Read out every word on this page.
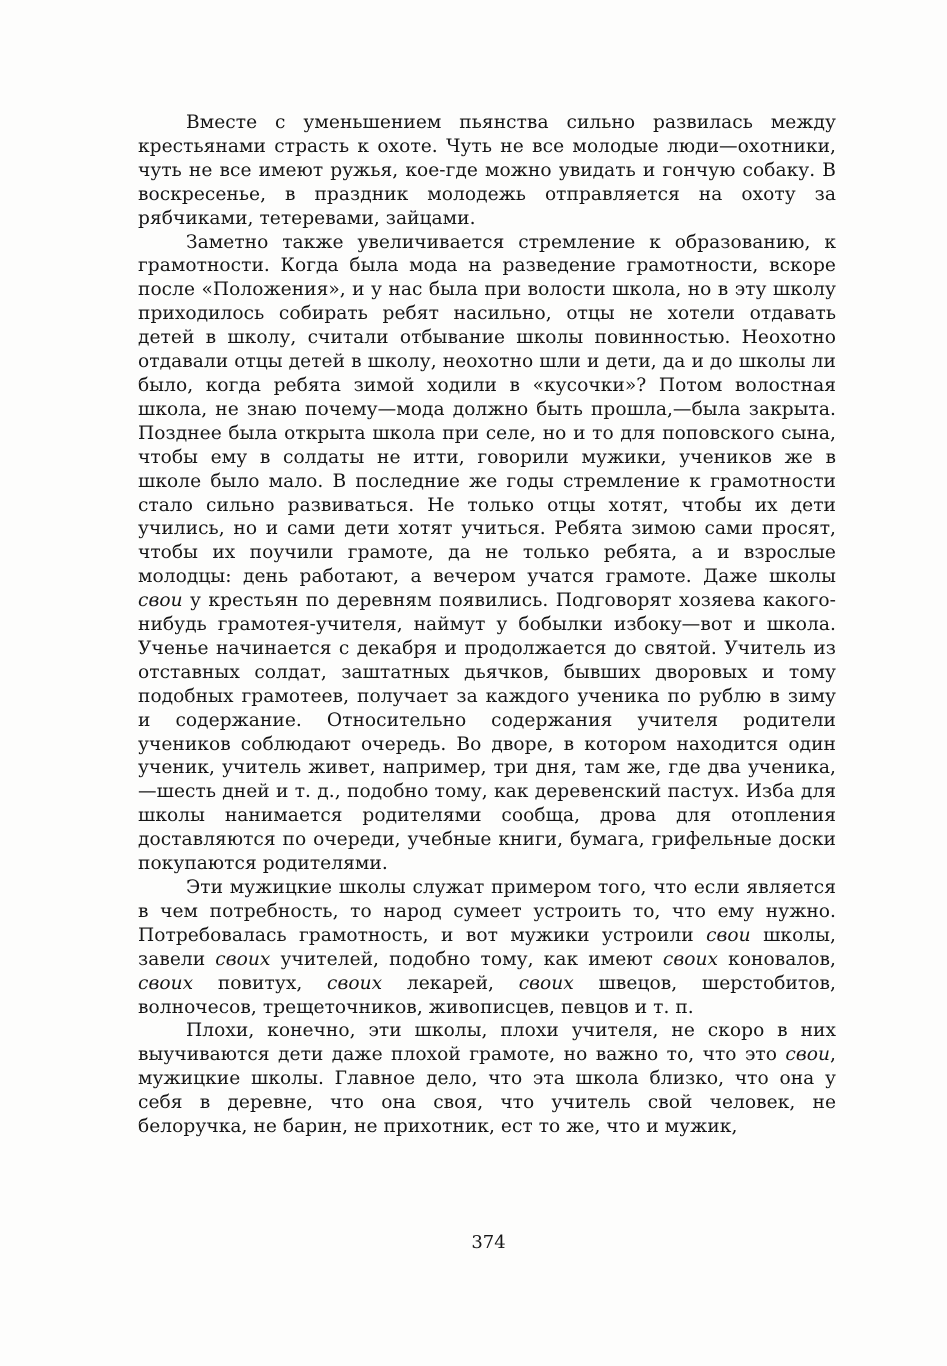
Вместе с уменьшением пьянства сильно развилась между крестьянами страсть к охоте. Чуть не все молодые люди—охотники, чуть не все имеют ружья, кое-где можно увидать и гончую собаку. В воскресенье, в праздник молодежь отправляется на охоту за рябчиками, тетеревами, зайцами.

Заметно также увеличивается стремление к образованию, к грамотности. Когда была мода на разведение грамотности, вскоре после «Положения», и у нас была при волости школа, но в эту школу приходилось собирать ребят насильно, отцы не хотели отдавать детей в школу, считали отбывание школы повинностью. Неохотно отдавали отцы детей в школу, неохотно шли и дети, да и до школы ли было, когда ребята зимой ходили в «кусочки»? Потом волостная школа, не знаю почему—мода должно быть прошла,—была закрыта. Позднее была открыта школа при селе, но и то для поповского сына, чтобы ему в солдаты не итти, говорили мужики, учеников же в школе было мало. В последние же годы стремление к грамотности стало сильно развиваться. Не только отцы хотят, чтобы их дети учились, но и сами дети хотят учиться. Ребята зимою сами просят, чтобы их поучили грамоте, да не только ребята, а и взрослые молодцы: день работают, а вечером учатся грамоте. Даже школы свои у крестьян по деревням появились. Подговорят хозяева какого-нибудь грамотея-учителя, наймут у бобылки избоку—вот и школа. Ученье начинается с декабря и продолжается до святой. Учитель из отставных солдат, заштатных дьячков, бывших дворовых и тому подобных грамотеев, получает за каждого ученика по рублю в зиму и содержание. Относительно содержания учителя родители учеников соблюдают очередь. Во дворе, в котором находится один ученик, учитель живет, например, три дня, там же, где два ученика,—шесть дней и т. д., подобно тому, как деревенский пастух. Изба для школы нанимается родителями сообща, дрова для отопления доставляются по очереди, учебные книги, бумага, грифельные доски покупаются родителями.

Эти мужицкие школы служат примером того, что если является в чем потребность, то народ сумеет устроить то, что ему нужно. Потребовалась грамотность, и вот мужики устроили свои школы, завели своих учителей, подобно тому, как имеют своих коновалов, своих повитух, своих лекарей, своих швецов, шерстобитов, волночесов, трещеточников, живописцев, певцов и т. п.

Плохи, конечно, эти школы, плохи учителя, не скоро в них выучиваются дети даже плохой грамоте, но важно то, что это свои, мужицкие школы. Главное дело, что эта школа близко, что она у себя в деревне, что она своя, что учитель свой человек, не белоручка, не барин, не прихотник, ест то же, что и мужик,

374
